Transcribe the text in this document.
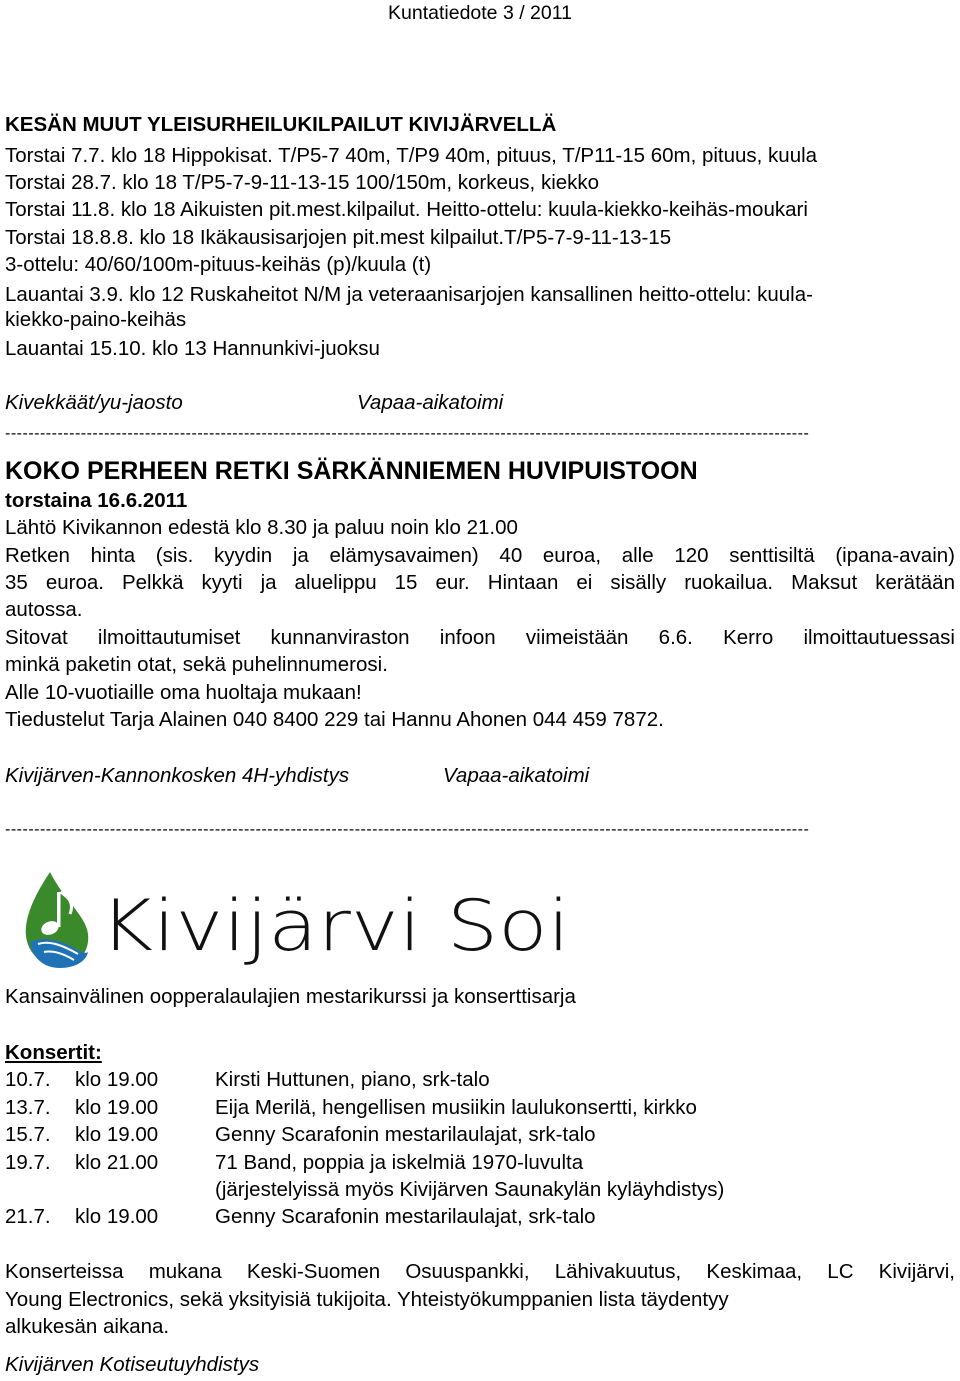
Kuntatiedote 3 / 2011
KESÄN MUUT YLEISURHEILUKILPAILUT KIVIJÄRVELLÄ
Torstai 7.7. klo 18 Hippokisat. T/P5-7 40m, T/P9 40m, pituus, T/P11-15 60m, pituus, kuula
Torstai 28.7. klo 18 T/P5-7-9-11-13-15 100/150m, korkeus, kiekko
Torstai 11.8. klo 18 Aikuisten pit.mest.kilpailut. Heitto-ottelu: kuula-kiekko-keihäs-moukari
Torstai 18.8.8. klo 18 Ikäkausisarjojen pit.mest kilpailut.T/P5-7-9-11-13-15
3-ottelu: 40/60/100m-pituus-keihäs (p)/kuula (t)
Lauantai 3.9. klo 12 Ruskaheitot N/M ja veteraanisarjojen kansallinen heitto-ottelu: kuula-
kiekko-paino-keihäs
Lauantai 15.10. klo 13 Hannunkivi-juoksu
Kivekkäät/yu-jaosto	Vapaa-aikatoimi
------------------------------------------------------------------------------------------------------------------------------------------
KOKO PERHEEN RETKI SÄRKÄNNIEMEN HUVIPUISTOON
torstaina 16.6.2011
Lähtö Kivikannon edestä klo 8.30 ja paluu noin klo 21.00
Retken hinta (sis. kyydin ja elämysavaimen) 40 euroa, alle 120 senttisiltä (ipana-avain)
35 euroa. Pelkkä kyyti ja aluelippu 15 eur. Hintaan ei sisälly ruokailua. Maksut kerätään
autossa.
Sitovat ilmoittautumiset kunnanviraston infoon viimeistään 6.6. Kerro ilmoittautuessasi
minkä paketin otat, sekä puhelinnumerosi.
Alle 10-vuotiaille oma huoltaja mukaan!
Tiedustelut Tarja Alainen 040 8400 229 tai Hannu Ahonen 044 459 7872.
Kivijärven-Kannonkosken 4H-yhdistys	Vapaa-aikatoimi
------------------------------------------------------------------------------------------------------------------------------------------
Kivijärvi Soi
Kansainvälinen oopperalaulajien mestarikurssi ja konserttisarja
Konsertit:
10.7. klo 19.00	Kirsti Huttunen, piano, srk-talo
13.7. klo 19.00	Eija Merilä, hengellisen musiikin laulukonsertti, kirkko
15.7. klo 19.00	Genny Scarafonin mestarilaulajat, srk-talo
19.7. klo 21.00	71 Band, poppia ja iskelmiä 1970-luvulta
(järjestelyissä myös Kivijärven Saunakylän kyläyhdistys)
21.7. klo 19.00	Genny Scarafonin mestarilaulajat, srk-talo
Konserteissa mukana Keski-Suomen Osuuspankki, Lähivakuutus, Keskimaa, LC Kivijärvi,
Young Electronics, sekä yksityisiä tukijoita. Yhteistyökumppanien lista täydentyy
alkukesän aikana.
Kivijärven Kotiseutuyhdistys
